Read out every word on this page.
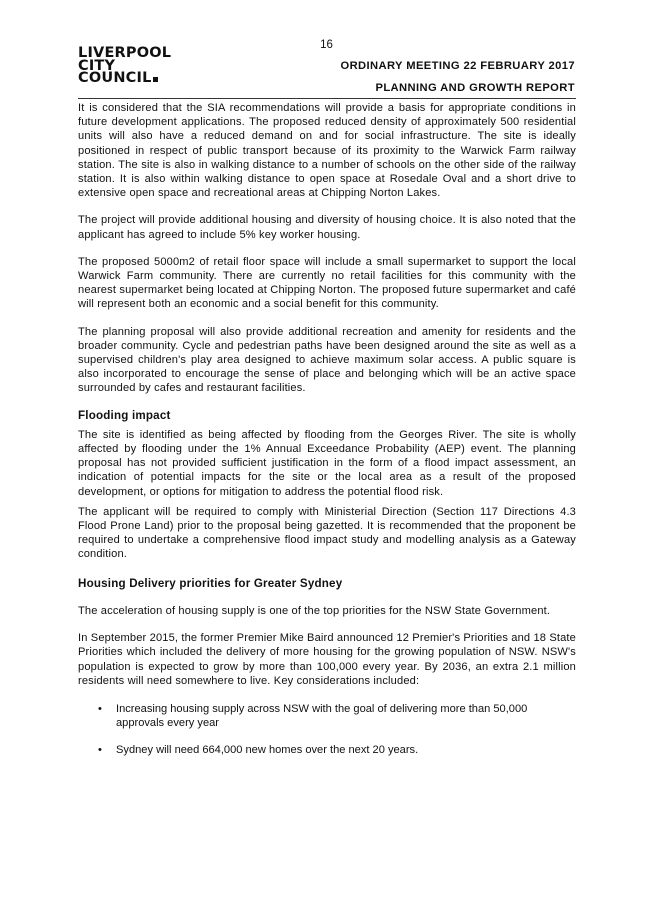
16
LIVERPOOL
CITY
COUNCIL
ORDINARY MEETING 22 FEBRUARY 2017
PLANNING AND GROWTH REPORT

It is considered that the SIA recommendations will provide a basis for appropriate conditions in future development applications. The proposed reduced density of approximately 500 residential units will also have a reduced demand on and for social infrastructure. The site is ideally positioned in respect of public transport because of its proximity to the Warwick Farm railway station. The site is also in walking distance to a number of schools on the other side of the railway station. It is also within walking distance to open space at Rosedale Oval and a short drive to extensive open space and recreational areas at Chipping Norton Lakes.

The project will provide additional housing and diversity of housing choice. It is also noted that the applicant has agreed to include 5% key worker housing.

The proposed 5000m2 of retail floor space will include a small supermarket to support the local Warwick Farm community. There are currently no retail facilities for this community with the nearest supermarket being located at Chipping Norton. The proposed future supermarket and café will represent both an economic and a social benefit for this community.

The planning proposal will also provide additional recreation and amenity for residents and the broader community. Cycle and pedestrian paths have been designed around the site as well as a supervised children's play area designed to achieve maximum solar access. A public square is also incorporated to encourage the sense of place and belonging which will be an active space surrounded by cafes and restaurant facilities.

Flooding impact

The site is identified as being affected by flooding from the Georges River. The site is wholly affected by flooding under the 1% Annual Exceedance Probability (AEP) event. The planning proposal has not provided sufficient justification in the form of a flood impact assessment, an indication of potential impacts for the site or the local area as a result of the proposed development, or options for mitigation to address the potential flood risk.

The applicant will be required to comply with Ministerial Direction (Section 117 Directions 4.3 Flood Prone Land) prior to the proposal being gazetted. It is recommended that the proponent be required to undertake a comprehensive flood impact study and modelling analysis as a Gateway condition.

Housing Delivery priorities for Greater Sydney

The acceleration of housing supply is one of the top priorities for the NSW State Government.

In September 2015, the former Premier Mike Baird announced 12 Premier's Priorities and 18 State Priorities which included the delivery of more housing for the growing population of NSW. NSW's population is expected to grow by more than 100,000 every year. By 2036, an extra 2.1 million residents will need somewhere to live. Key considerations included:

• Increasing housing supply across NSW with the goal of delivering more than 50,000 approvals every year
• Sydney will need 664,000 new homes over the next 20 years.
